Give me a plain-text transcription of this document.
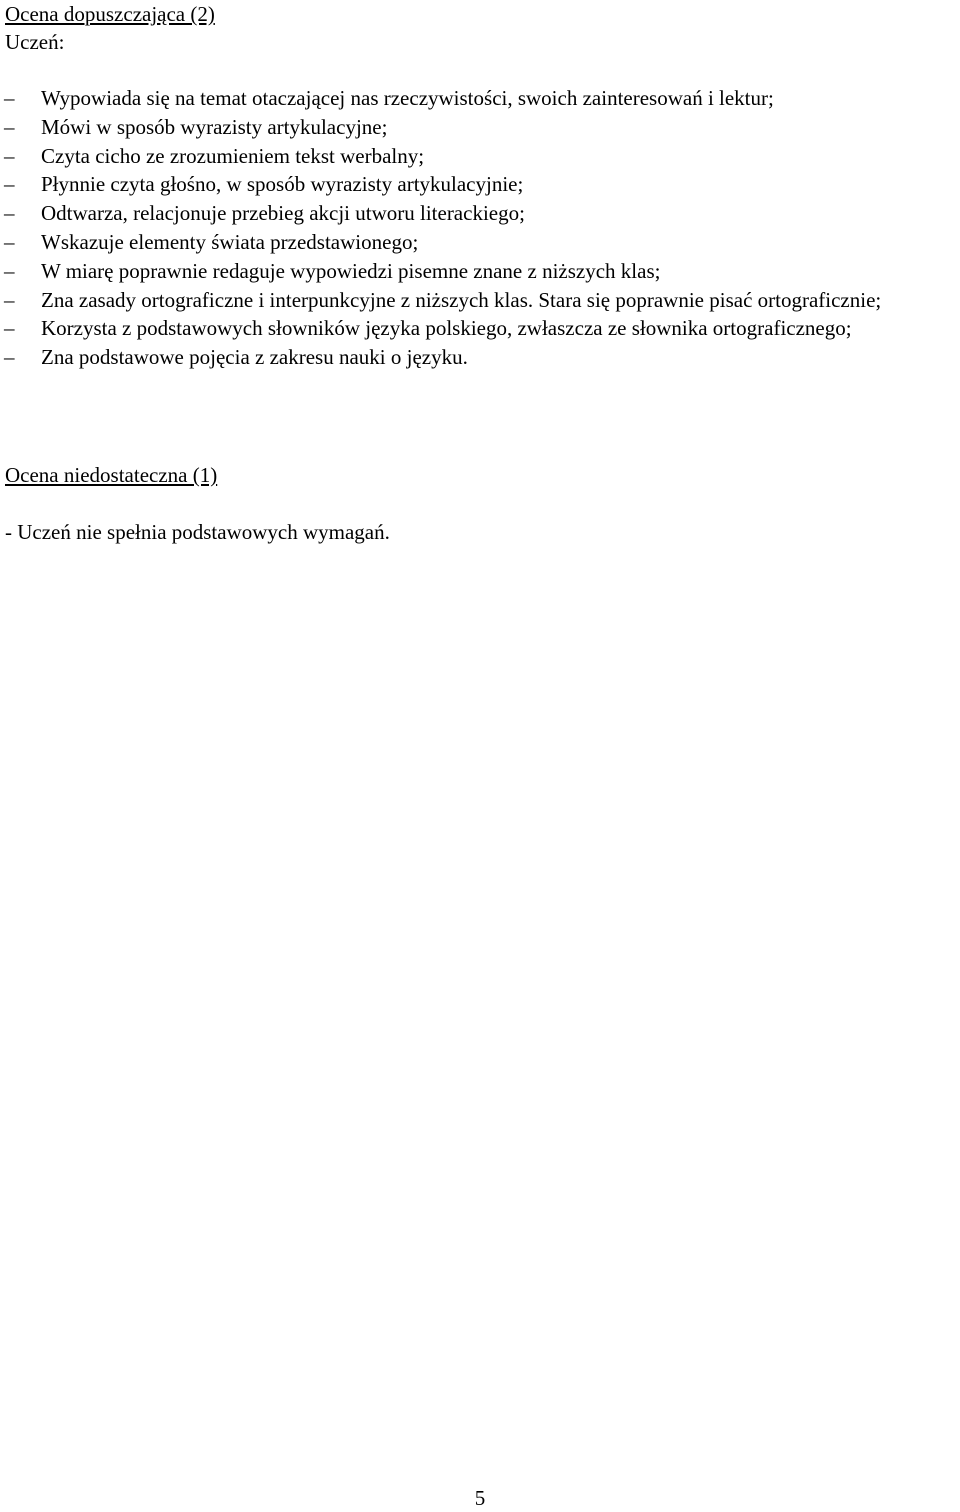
Ocena dopuszczająca (2)
Uczeń:
– Wypowiada się na temat otaczającej nas rzeczywistości, swoich zainteresowań i lektur;
– Mówi w sposób wyrazisty artykulacyjne;
– Czyta cicho ze zrozumieniem tekst werbalny;
– Płynnie czyta głośno, w sposób wyrazisty artykulacyjnie;
– Odtwarza, relacjonuje przebieg akcji utworu literackiego;
– Wskazuje elementy świata przedstawionego;
– W miarę poprawnie redaguje wypowiedzi pisemne znane z niższych klas;
– Zna zasady ortograficzne i interpunkcyjne z niższych klas. Stara się poprawnie pisać ortograficznie;
– Korzysta z podstawowych słowników języka polskiego, zwłaszcza ze słownika ortograficznego;
– Zna podstawowe pojęcia z zakresu nauki o języku.
Ocena niedostateczna (1)
- Uczeń nie spełnia podstawowych wymagań.
5
